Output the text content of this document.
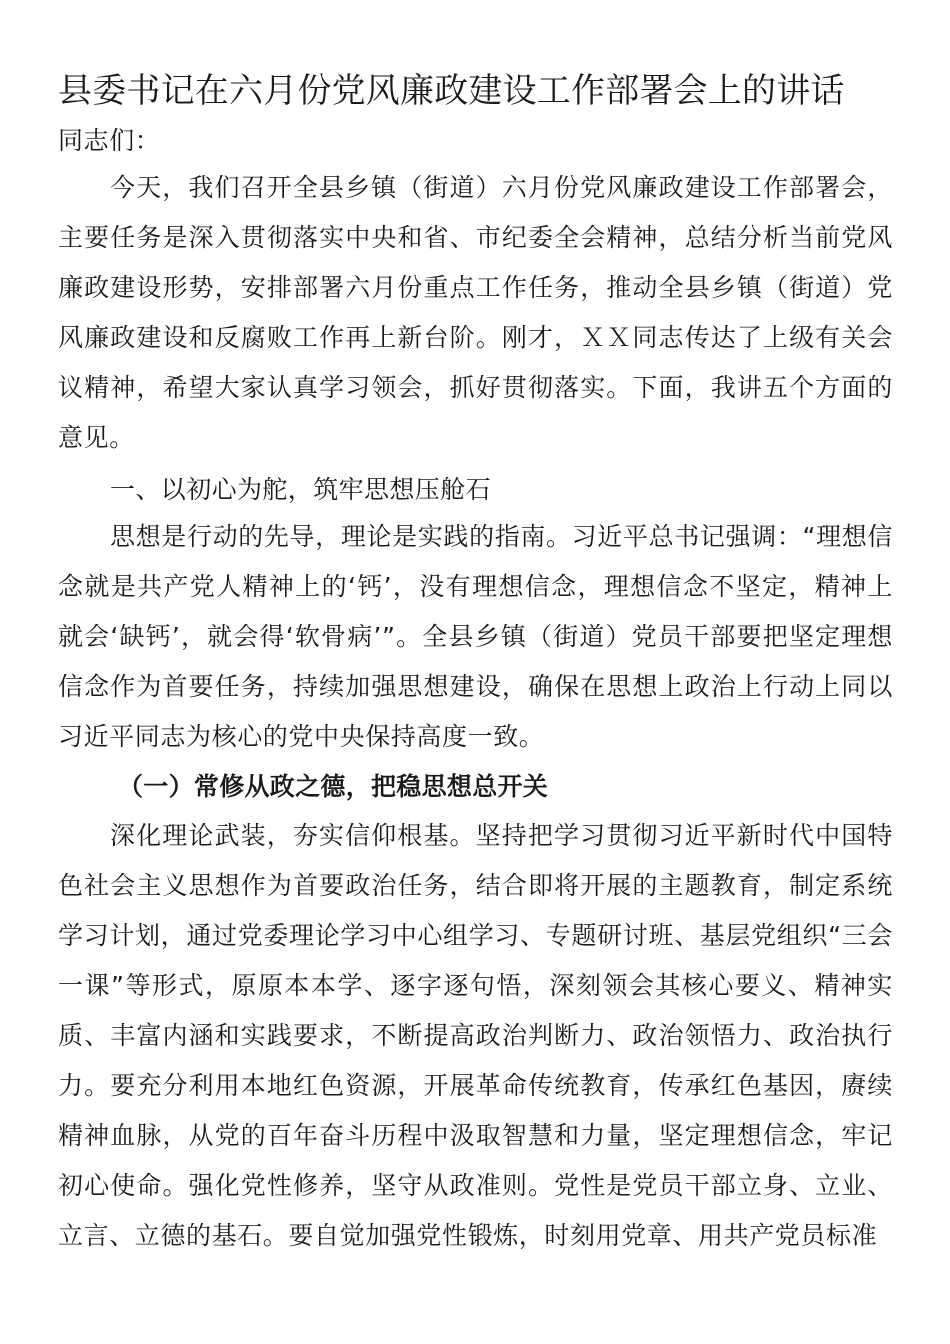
县委书记在六月份党风廉政建设工作部署会上的讲话

同志们：

今天，我们召开全县乡镇（街道）六月份党风廉政建设工作部署会，主要任务是深入贯彻落实中央和省、市纪委全会精神，总结分析当前党风廉政建设形势，安排部署六月份重点工作任务，推动全县乡镇（街道）党风廉政建设和反腐败工作再上新台阶。刚才，ＸＸ同志传达了上级有关会议精神，希望大家认真学习领会，抓好贯彻落实。下面，我讲五个方面的意见。

一、以初心为舵，筑牢思想压舱石

思想是行动的先导，理论是实践的指南。习近平总书记强调：“理想信念就是共产党人精神上的‘钙’，没有理想信念，理想信念不坚定，精神上就会‘缺钙’，就会得‘软骨病’”。全县乡镇（街道）党员干部要把坚定理想信念作为首要任务，持续加强思想建设，确保在思想上政治上行动上同以习近平同志为核心的党中央保持高度一致。

（一）常修从政之德，把稳思想总开关

深化理论武装，夯实信仰根基。坚持把学习贯彻习近平新时代中国特色社会主义思想作为首要政治任务，结合即将开展的主题教育，制定系统学习计划，通过党委理论学习中心组学习、专题研讨班、基层党组织“三会一课”等形式，原原本本学、逐字逐句悟，深刻领会其核心要义、精神实质、丰富内涵和实践要求，不断提高政治判断力、政治领悟力、政治执行力。要充分利用本地红色资源，开展革命传统教育，传承红色基因，赓续精神血脉，从党的百年奋斗历程中汲取智慧和力量，坚定理想信念，牢记初心使命。强化党性修养，坚守从政准则。党性是党员干部立身、立业、立言、立德的基石。要自觉加强党性锻炼，时刻用党章、用共产党员标准
